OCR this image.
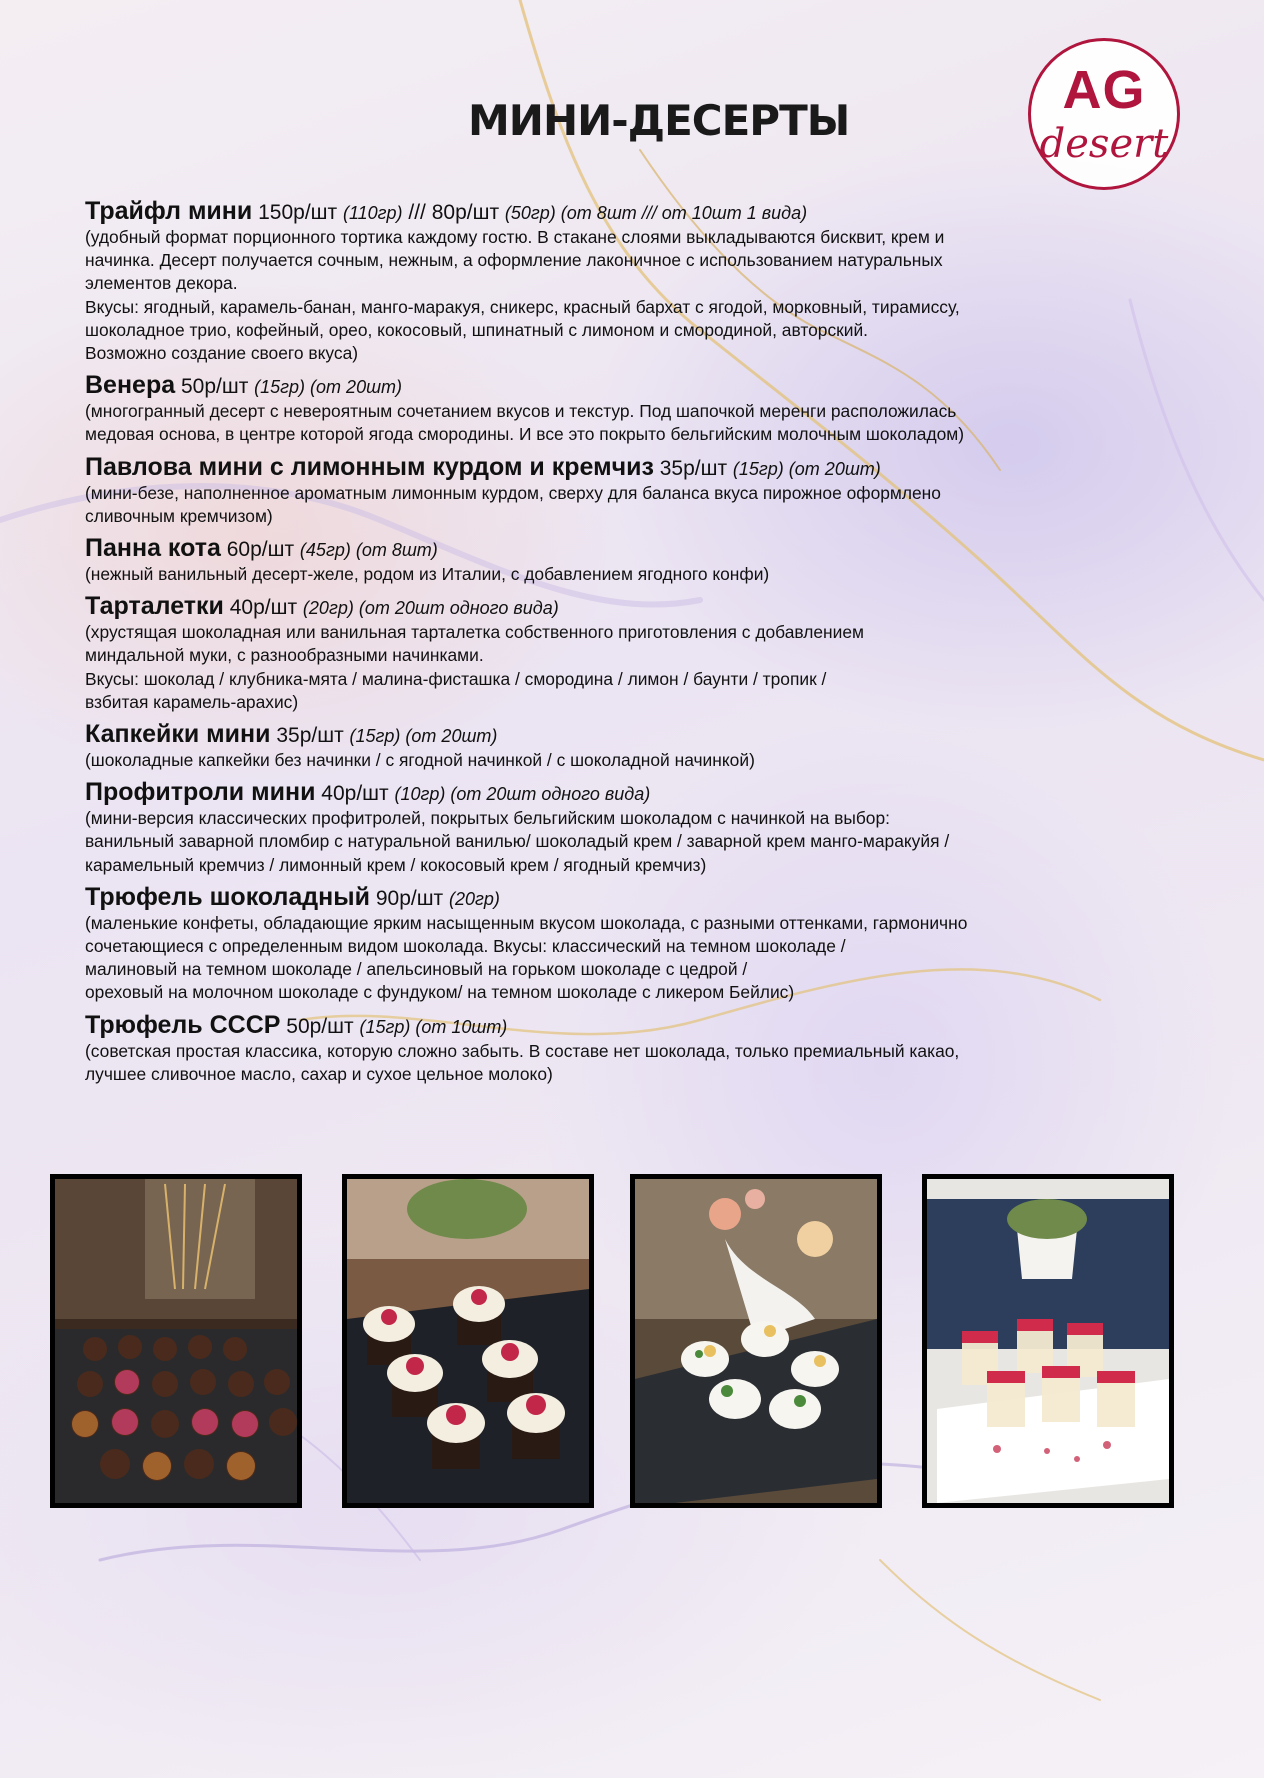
AG
desert
МИНИ-ДЕСЕРТЫ
Трайфл мини 150р/шт (110гр) /// 80р/шт (50гр) (от 8шт /// от 10шт 1 вида)
(удобный формат порционного тортика каждому гостю. В стакане слоями выкладываются бисквит, крем и
начинка. Десерт получается сочным, нежным, а оформление лаконичное с использованием натуральных
элементов декора.
Вкусы: ягодный, карамель-банан, манго-маракуя, сникерс, красный бархат с ягодой, морковный, тирамиссу,
шоколадное трио, кофейный, орео, кокосовый, шпинатный с лимоном и смородиной, авторский.
Возможно создание своего вкуса)
Венера 50р/шт (15гр) (от 20шт)
(многогранный десерт с невероятным сочетанием вкусов и текстур. Под шапочкой меренги расположилась
медовая основа, в центре которой ягода смородины. И все это покрыто бельгийским молочным шоколадом)
Павлова мини с лимонным курдом и кремчиз 35р/шт (15гр) (от 20шт)
(мини-безе, наполненное ароматным лимонным курдом, сверху для баланса вкуса пирожное оформлено
сливочным кремчизом)
Панна кота 60р/шт (45гр) (от 8шт)
(нежный ванильный десерт-желе, родом из Италии, с добавлением ягодного конфи)
Тарталетки 40р/шт (20гр) (от 20шт одного вида)
(хрустящая шоколадная или ванильная тарталетка собственного приготовления с добавлением
миндальной муки, с разнообразными начинками.
Вкусы: шоколад / клубника-мята / малина-фисташка / смородина / лимон / баунти / тропик /
взбитая карамель-арахис)
Капкейки мини 35р/шт (15гр) (от 20шт)
(шоколадные капкейки без начинки / с ягодной начинкой / с шоколадной начинкой)
Профитроли мини 40р/шт (10гр) (от 20шт одного вида)
(мини-версия классических профитролей, покрытых бельгийским шоколадом с начинкой на выбор:
ванильный заварной пломбир с натуральной ванилью/ шоколадый крем / заварной крем манго-маракуйя /
карамельный кремчиз / лимонный крем / кокосовый крем / ягодный кремчиз)
Трюфель шоколадный 90р/шт (20гр)
(маленькие конфеты, обладающие ярким насыщенным вкусом шоколада, с разными оттенками, гармонично
сочетающиеся с определенным видом шоколада. Вкусы: классический на темном шоколаде /
малиновый на темном шоколаде / апельсиновый на горьком шоколаде с цедрой /
ореховый на молочном шоколаде с фундуком/ на темном шоколаде с ликером Бейлис)
Трюфель СССР 50р/шт (15гр) (от 10шт)
(советская простая классика, которую сложно забыть. В составе нет шоколада, только премиальный какао,
лучшее сливочное масло, сахар и сухое цельное молоко)
